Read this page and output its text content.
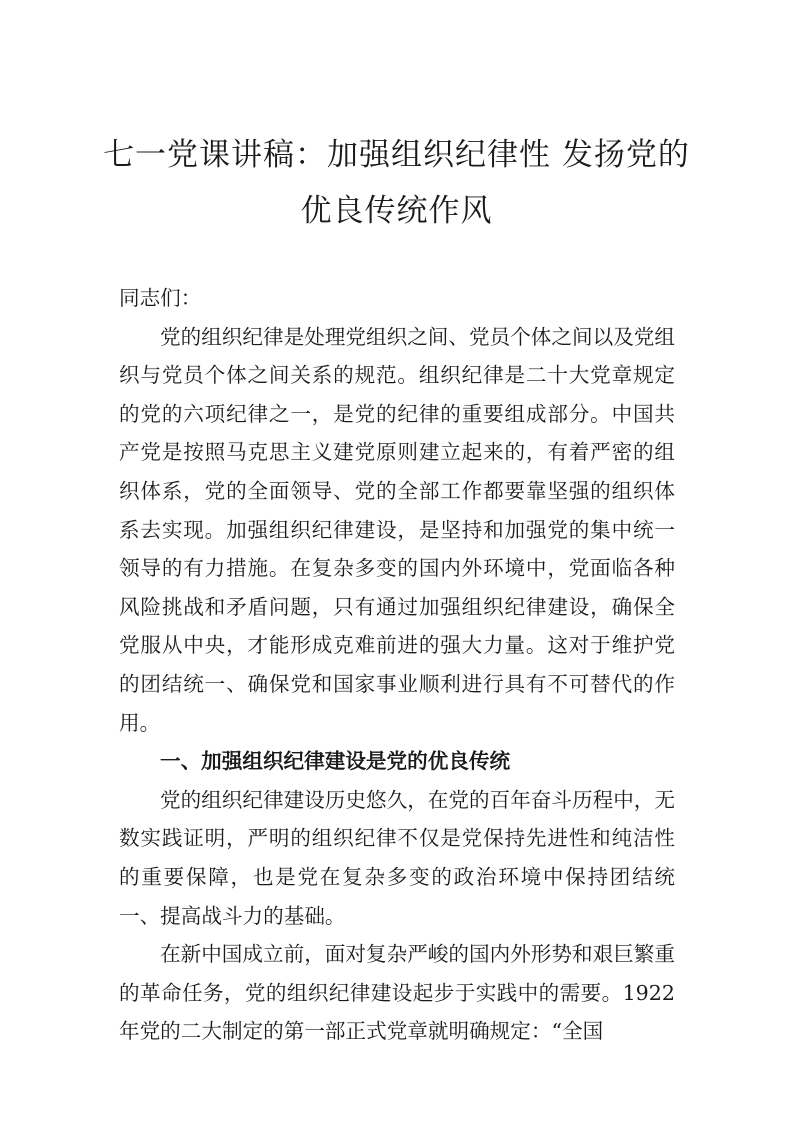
七一党课讲稿：加强组织纪律性 发扬党的
优良传统作风

同志们：

党的组织纪律是处理党组织之间、党员个体之间以及党组织与党员个体之间关系的规范。组织纪律是二十大党章规定的党的六项纪律之一，是党的纪律的重要组成部分。中国共产党是按照马克思主义建党原则建立起来的，有着严密的组织体系，党的全面领导、党的全部工作都要靠坚强的组织体系去实现。加强组织纪律建设，是坚持和加强党的集中统一领导的有力措施。在复杂多变的国内外环境中，党面临各种风险挑战和矛盾问题，只有通过加强组织纪律建设，确保全党服从中央，才能形成克难前进的强大力量。这对于维护党的团结统一、确保党和国家事业顺利进行具有不可替代的作用。

一、加强组织纪律建设是党的优良传统

党的组织纪律建设历史悠久，在党的百年奋斗历程中，无数实践证明，严明的组织纪律不仅是党保持先进性和纯洁性的重要保障，也是党在复杂多变的政治环境中保持团结统一、提高战斗力的基础。

在新中国成立前，面对复杂严峻的国内外形势和艰巨繁重的革命任务，党的组织纪律建设起步于实践中的需要。1922年党的二大制定的第一部正式党章就明确规定：“全国
